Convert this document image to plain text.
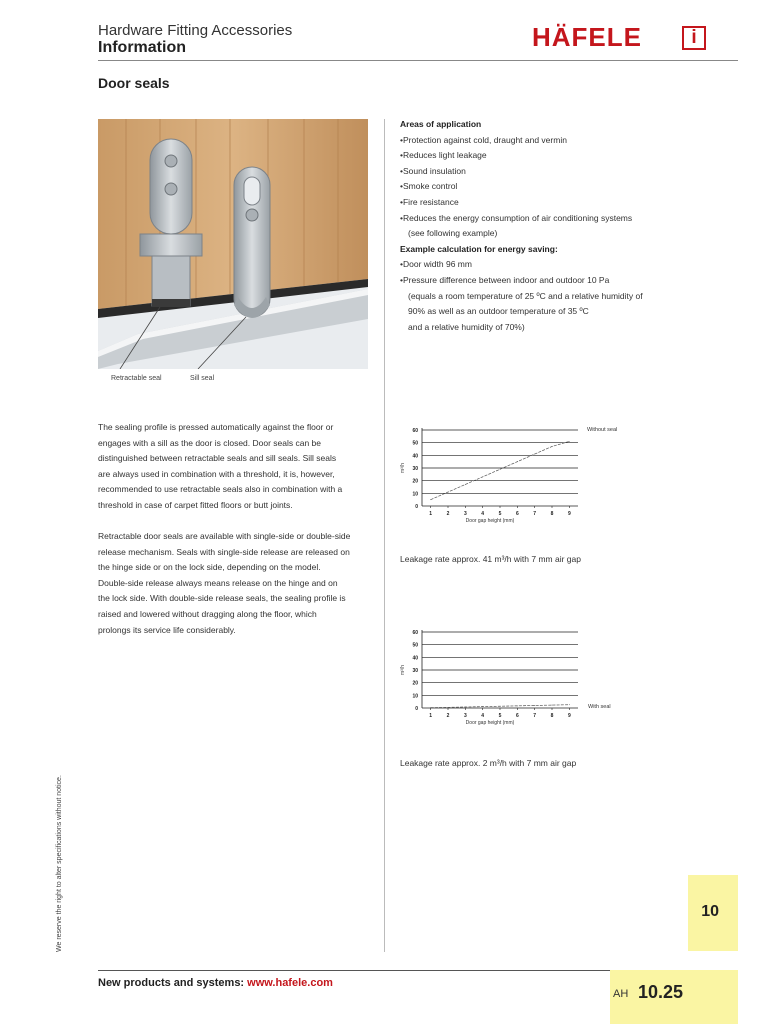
Hardware Fitting Accessories
Information	HÄFELE	i
Door seals
Retractable seal	Sill seal
Areas of application
• Protection against cold, draught and vermin
• Reduces light leakage
• Sound insulation
• Smoke control
• Fire resistance
• Reduces the energy consumption of air conditioning systems
(see following example)
Example calculation for energy saving:
• Door width 96 mm
• Pressure difference between indoor and outdoor 10 Pa
(equals a room temperature of 25 ºC and a relative humidity of
90% as well as an outdoor temperature of 35 ºC
and a relative humidity of 70%)
The sealing profile is pressed automatically against the floor or
engages with a sill as the door is closed. Door seals can be
distinguished between retractable seals and sill seals. Sill seals
are always used in combination with a threshold, it is, however,
recommended to use retractable seals also in combination with a
threshold in case of carpet fitted floors or butt joints.
Retractable door seals are available with single-side or double-side
release mechanism. Seals with single-side release are released on
the hinge side or on the lock side, depending on the model.
Double-side release always means release on the hinge and on
the lock side. With double-side release seals, the sealing profile is
raised and lowered without dragging along the floor, which
prolongs its service life considerably.
0
10
20
30
40
50
60
1	2	3	4	5	6	7	8	9
Door gap height (mm)
m³/h
Without seal
Leakage rate approx. 41 m³/h with 7 mm air gap
0
10
20
30
40
50
60
1	2	3	4	5	6	7	8	9
Door gap height (mm)
m³/h
With seal
Leakage rate approx. 2 m³/h with 7 mm air gap
We reserve the right to alter specifications without notice.	10
New products and systems: www.hafele.com
AH 10.25
